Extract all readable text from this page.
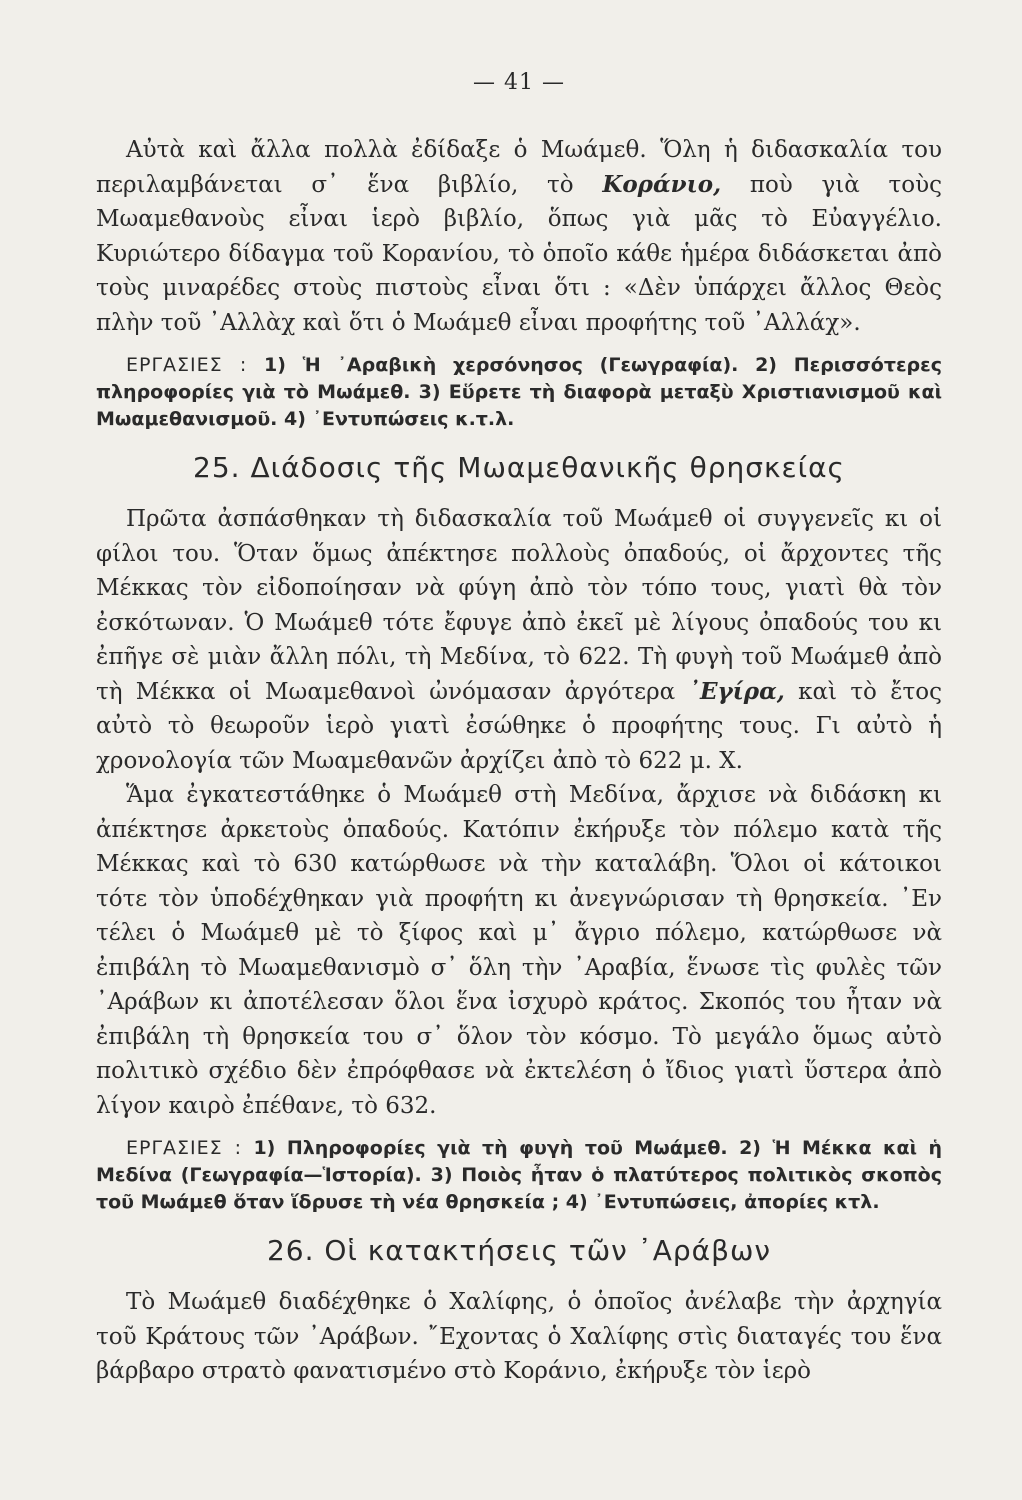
— 41 —

Αὐτὰ καὶ ἄλλα πολλὰ ἐδίδαξε ὁ Μωάμεθ. Ὅλη ἡ διδασκαλία του περιλαμβάνεται σ᾿ ἕνα βιβλίο, τὸ Κοράνιο, ποὺ γιὰ τοὺς Μωαμεθανοὺς εἶναι ἱερὸ βιβλίο, ὅπως γιὰ μᾶς τὸ Εὐαγγέλιο. Κυριώτερο δίδαγμα τοῦ Κορανίου, τὸ ὁποῖο κάθε ἡμέρα διδάσκεται ἀπὸ τοὺς μιναρέδες στοὺς πιστοὺς εἶναι ὅτι : «Δὲν ὑπάρχει ἄλλος Θεὸς πλὴν τοῦ ᾿Αλλὰχ καὶ ὅτι ὁ Μωάμεθ εἶναι προφήτης τοῦ ᾿Αλλάχ».

ΕΡΓΑΣΙΕΣ : 1) Ἡ ᾿Αραβικὴ χερσόνησος (Γεωγραφία). 2) Περισσότερες πληροφορίες γιὰ τὸ Μωάμεθ. 3) Εὕρετε τὴ διαφορὰ μεταξὺ Χριστιανισμοῦ καὶ Μωαμεθανισμοῦ. 4) ᾿Εντυπώσεις κ.τ.λ.
25. Διάδοσις τῆς Μωαμεθανικῆς θρησκείας

Πρῶτα ἀσπάσθηκαν τὴ διδασκαλία τοῦ Μωάμεθ οἱ συγγενεῖς κι οἱ φίλοι του. Ὅταν ὅμως ἀπέκτησε πολλοὺς ὀπαδούς, οἱ ἄρχοντες τῆς Μέκκας τὸν εἰδοποίησαν νὰ φύγη ἀπὸ τὸν τόπο τους, γιατὶ θὰ τὸν ἐσκότωναν. Ὁ Μωάμεθ τότε ἔφυγε ἀπὸ ἐκεῖ μὲ λίγους ὀπαδούς του κι ἐπῆγε σὲ μιὰν ἄλλη πόλι, τὴ Μεδίνα, τὸ 622. Τὴ φυγὴ τοῦ Μωάμεθ ἀπὸ τὴ Μέκκα οἱ Μωαμεθανοὶ ὠνόμασαν ἀργότερα ᾿Εγίρα, καὶ τὸ ἔτος αὐτὸ τὸ θεωροῦν ἱερὸ γιατὶ ἐσώθηκε ὁ προφήτης τους. Γι αὐτὸ ἡ χρονολογία τῶν Μωαμεθανῶν ἀρχίζει ἀπὸ τὸ 622 μ. Χ.

Ἅμα ἐγκατεστάθηκε ὁ Μωάμεθ στὴ Μεδίνα, ἄρχισε νὰ διδάσκη κι ἀπέκτησε ἀρκετοὺς ὀπαδούς. Κατόπιν ἐκήρυξε τὸν πόλεμο κατὰ τῆς Μέκκας καὶ τὸ 630 κατώρθωσε νὰ τὴν καταλάβη. Ὅλοι οἱ κάτοικοι τότε τὸν ὑποδέχθηκαν γιὰ προφήτη κι ἀνεγνώρισαν τὴ θρησκεία. ᾿Εν τέλει ὁ Μωάμεθ μὲ τὸ ξίφος καὶ μ᾿ ἄγριο πόλεμο, κατώρθωσε νὰ ἐπιβάλη τὸ Μωαμεθανισμὸ σ᾿ ὅλη τὴν ᾿Αραβία, ἕνωσε τὶς φυλὲς τῶν ᾿Αράβων κι ἀποτέλεσαν ὅλοι ἕνα ἰσχυρὸ κράτος. Σκοπός του ἦταν νὰ ἐπιβάλη τὴ θρησκεία του σ᾿ ὅλον τὸν κόσμο. Τὸ μεγάλο ὅμως αὐτὸ πολιτικὸ σχέδιο δὲν ἐπρόφθασε νὰ ἐκτελέση ὁ ἴδιος γιατὶ ὕστερα ἀπὸ λίγον καιρὸ ἐπέθανε, τὸ 632.

ΕΡΓΑΣΙΕΣ : 1) Πληροφορίες γιὰ τὴ φυγὴ τοῦ Μωάμεθ. 2) Ἡ Μέκκα καὶ ἡ Μεδίνα (Γεωγραφία—Ἱστορία). 3) Ποιὸς ἦταν ὁ πλατύτερος πολιτικὸς σκοπὸς τοῦ Μωάμεθ ὅταν ἵδρυσε τὴ νέα θρησκεία ; 4) ᾿Εντυπώσεις, ἀπορίες κτλ.
26. Οἱ κατακτήσεις τῶν ᾿Αράβων

Τὸ Μωάμεθ διαδέχθηκε ὁ Χαλίφης, ὁ ὁποῖος ἀνέλαβε τὴν ἀρχηγία τοῦ Κράτους τῶν ᾿Αράβων. ῎Εχοντας ὁ Χαλίφης στὶς διαταγές του ἕνα βάρβαρο στρατὸ φανατισμένο στὸ Κοράνιο, ἐκήρυξε τὸν ἱερὸ
